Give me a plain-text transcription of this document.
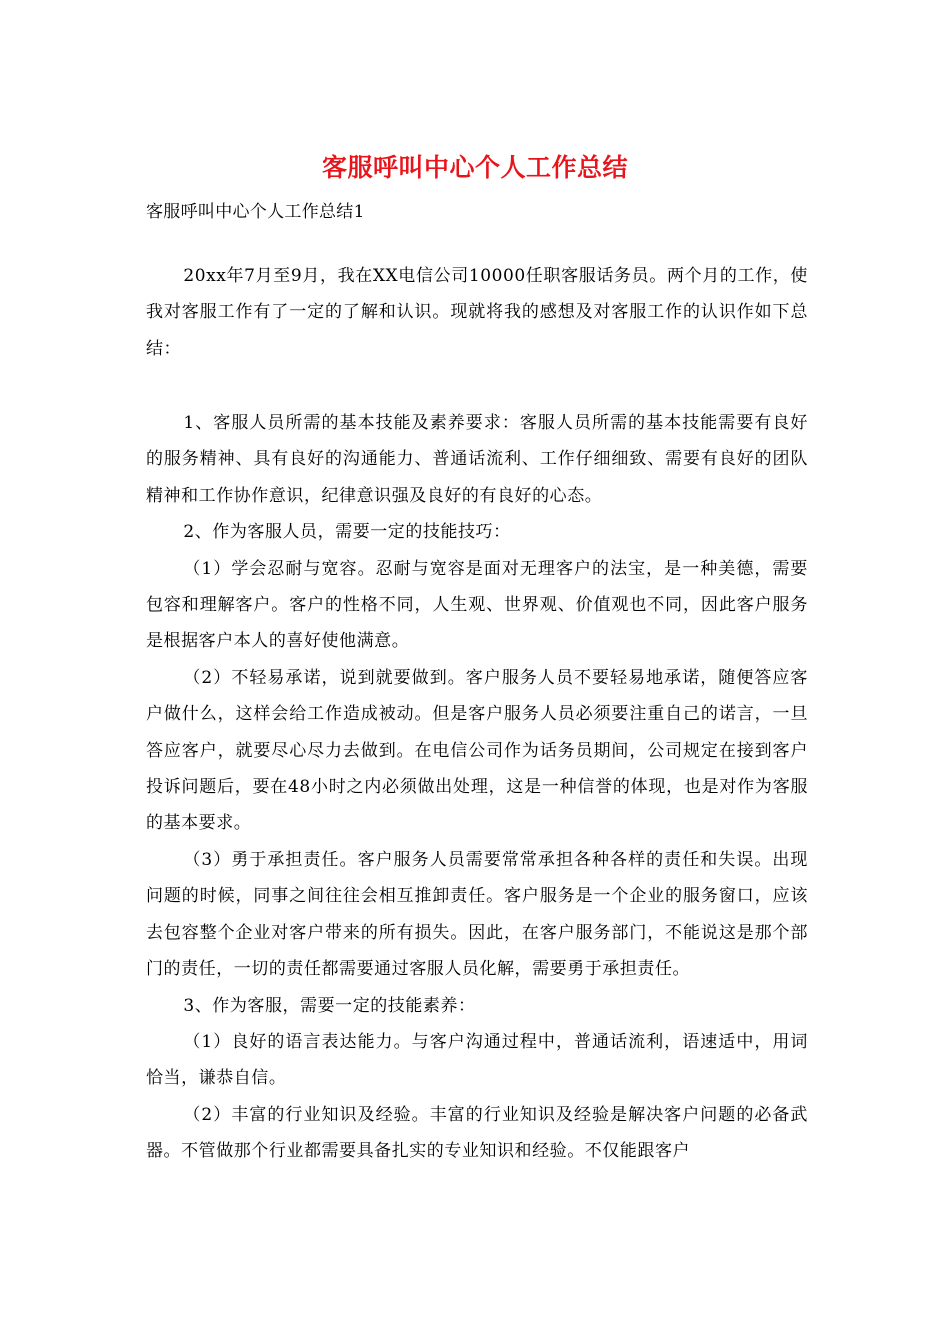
客服呼叫中心个人工作总结
客服呼叫中心个人工作总结1

20xx年7月至9月，我在XX电信公司10000任职客服话务员。两个月的工作，使我对客服工作有了一定的了解和认识。现就将我的感想及对客服工作的认识作如下总结：

1、客服人员所需的基本技能及素养要求：客服人员所需的基本技能需要有良好的服务精神、具有良好的沟通能力、普通话流利、工作仔细细致、需要有良好的团队精神和工作协作意识，纪律意识强及良好的有良好的心态。

2、作为客服人员，需要一定的技能技巧：

（1）学会忍耐与宽容。忍耐与宽容是面对无理客户的法宝，是一种美德，需要包容和理解客户。客户的性格不同，人生观、世界观、价值观也不同，因此客户服务是根据客户本人的喜好使他满意。

（2）不轻易承诺，说到就要做到。客户服务人员不要轻易地承诺，随便答应客户做什么，这样会给工作造成被动。但是客户服务人员必须要注重自己的诺言，一旦答应客户，就要尽心尽力去做到。在电信公司作为话务员期间，公司规定在接到客户投诉问题后，要在48小时之内必须做出处理，这是一种信誉的体现，也是对作为客服的基本要求。

（3）勇于承担责任。客户服务人员需要常常承担各种各样的责任和失误。出现问题的时候，同事之间往往会相互推卸责任。客户服务是一个企业的服务窗口，应该去包容整个企业对客户带来的所有损失。因此，在客户服务部门，不能说这是那个部门的责任，一切的责任都需要通过客服人员化解，需要勇于承担责任。

3、作为客服，需要一定的技能素养：

（1）良好的语言表达能力。与客户沟通过程中，普通话流利，语速适中，用词恰当，谦恭自信。

（2）丰富的行业知识及经验。丰富的行业知识及经验是解决客户问题的必备武器。不管做那个行业都需要具备扎实的专业知识和经验。不仅能跟客户
